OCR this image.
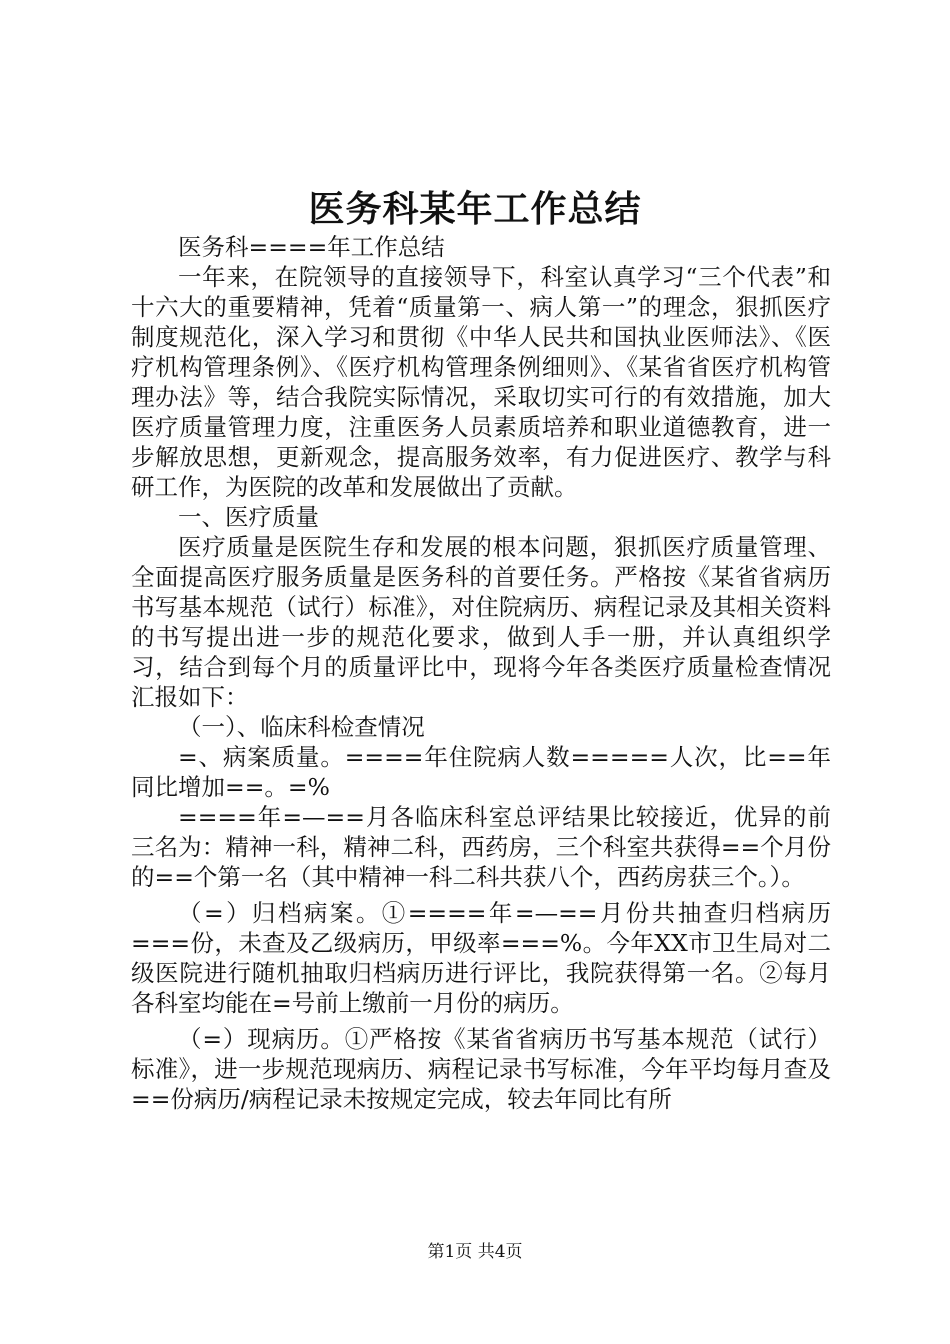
医务科某年工作总结

医务科====年工作总结

一年来，在院领导的直接领导下，科室认真学习“三个代表”和十六大的重要精神，凭着“质量第一、病人第一”的理念，狠抓医疗制度规范化，深入学习和贯彻《中华人民共和国执业医师法》、《医疗机构管理条例》、《医疗机构管理条例细则》、《某省省医疗机构管理办法》等，结合我院实际情况，采取切实可行的有效措施，加大医疗质量管理力度，注重医务人员素质培养和职业道德教育，进一步解放思想，更新观念，提高服务效率，有力促进医疗、教学与科研工作，为医院的改革和发展做出了贡献。

一、医疗质量

医疗质量是医院生存和发展的根本问题，狠抓医疗质量管理、全面提高医疗服务质量是医务科的首要任务。严格按《某省省病历书写基本规范（试行）标准》，对住院病历、病程记录及其相关资料的书写提出进一步的规范化要求，做到人手一册，并认真组织学习，结合到每个月的质量评比中，现将今年各类医疗质量检查情况汇报如下：

（一）、临床科检查情况

=、病案质量。====年住院病人数=====人次，比==年同比增加==。=%

====年=—==月各临床科室总评结果比较接近，优异的前三名为：精神一科，精神二科，西药房，三个科室共获得==个月份的==个第一名（其中精神一科二科共获八个，西药房获三个。）。

（=）归档病案。①====年=—==月份共抽查归档病历===份，未查及乙级病历，甲级率===%。今年XX市卫生局对二级医院进行随机抽取归档病历进行评比，我院获得第一名。②每月各科室均能在=号前上缴前一月份的病历。

（=）现病历。①严格按《某省省病历书写基本规范（试行）标准》，进一步规范现病历、病程记录书写标准，今年平均每月查及==份病历/病程记录未按规定完成，较去年同比有所

第1页 共4页
